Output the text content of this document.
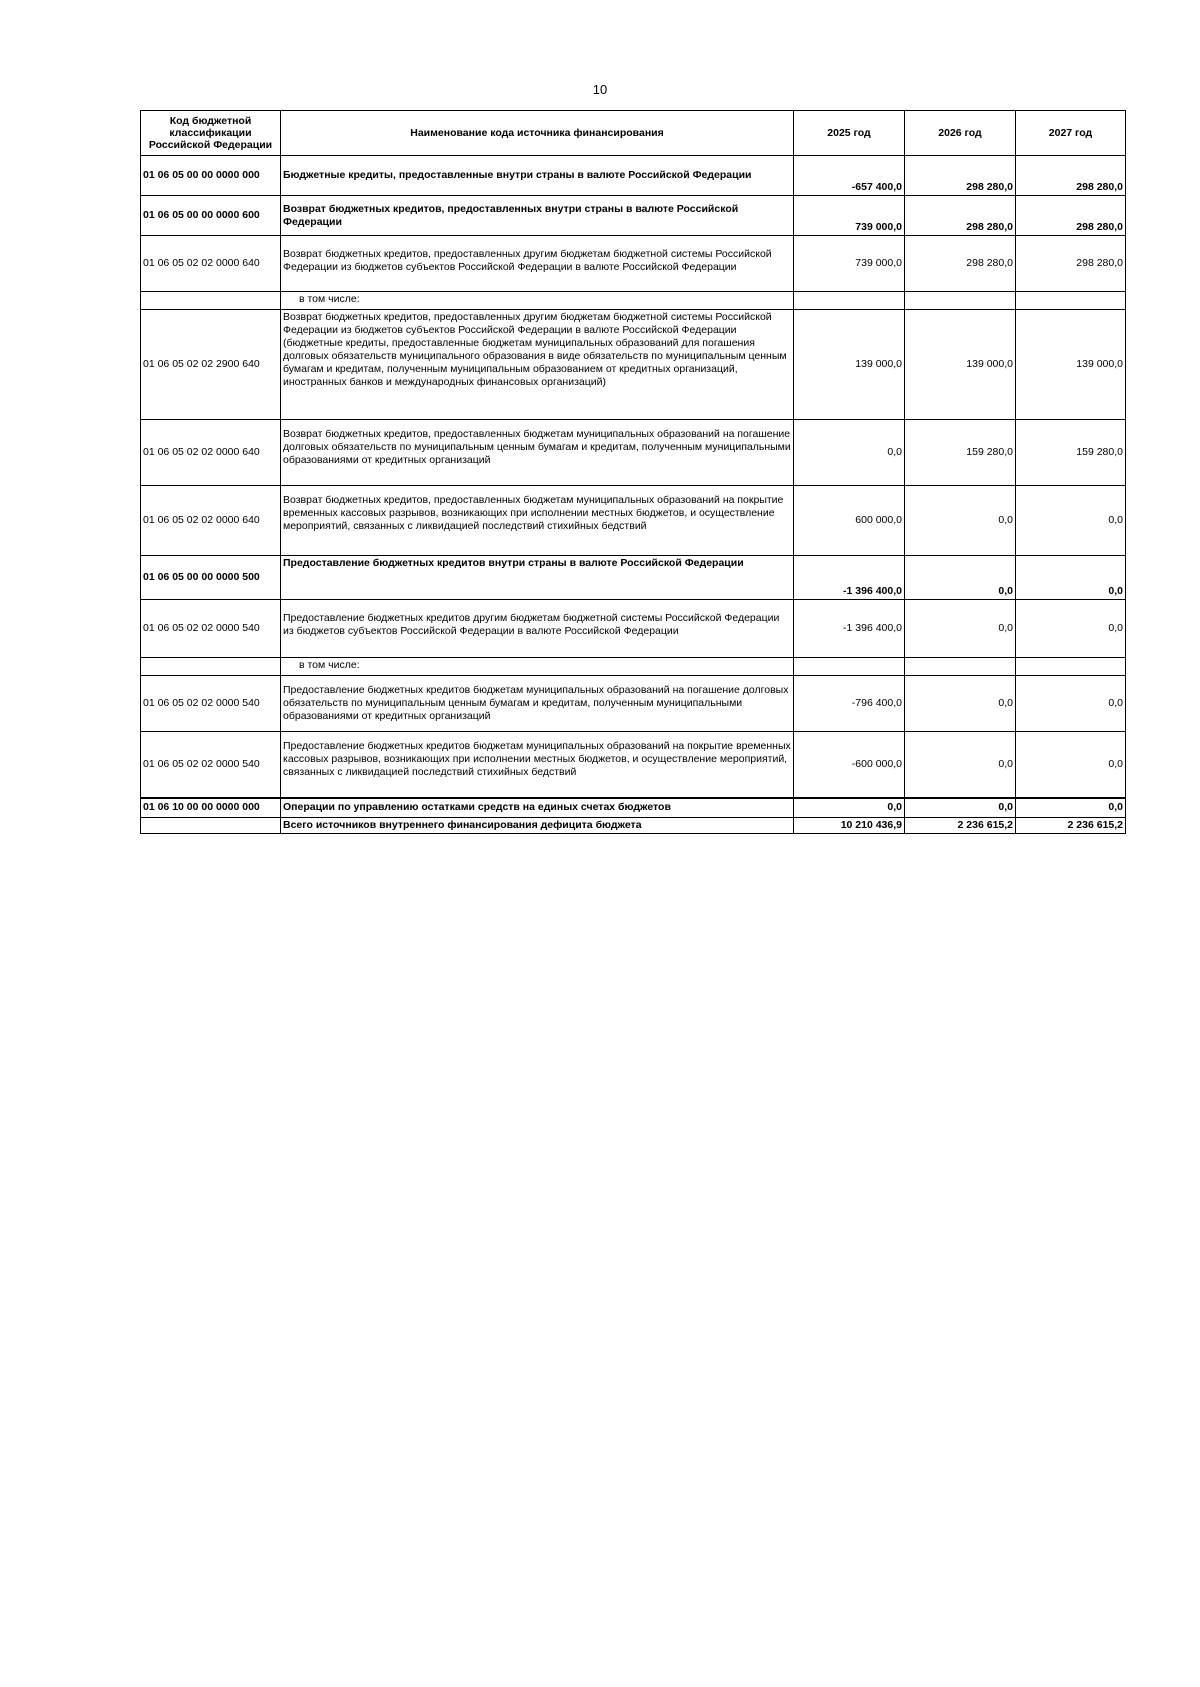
10
Код бюджетной классификации Российской Федерации	Наименование кода источника финансирования	2025 год	2026 год	2027 год
01 06 05 00 00 0000 000	Бюджетные кредиты, предоставленные внутри страны в валюте Российской Федерации	-657 400,0	298 280,0	298 280,0
01 06 05 00 00 0000 600	Возврат бюджетных кредитов, предоставленных внутри страны в валюте Российской Федерации	739 000,0	298 280,0	298 280,0
01 06 05 02 02 0000 640	Возврат бюджетных кредитов, предоставленных другим бюджетам бюджетной системы Российской Федерации из бюджетов субъектов Российской Федерации в валюте Российской Федерации	739 000,0	298 280,0	298 280,0
	в том числе:			
01 06 05 02 02 2900 640	Возврат бюджетных кредитов, предоставленных другим бюджетам бюджетной системы Российской Федерации из бюджетов субъектов Российской Федерации в валюте Российской Федерации (бюджетные кредиты, предоставленные бюджетам муниципальных образований для погашения долговых обязательств муниципального образования в виде обязательств по муниципальным ценным бумагам и кредитам, полученным муниципальным образованием от кредитных организаций, иностранных банков и международных финансовых организаций)	139 000,0	139 000,0	139 000,0
01 06 05 02 02 0000 640	Возврат бюджетных кредитов, предоставленных бюджетам муниципальных образований на погашение долговых обязательств по муниципальным ценным бумагам и кредитам, полученным муниципальными образованиями от кредитных организаций	0,0	159 280,0	159 280,0
01 06 05 02 02 0000 640	Возврат бюджетных кредитов, предоставленных бюджетам муниципальных образований на покрытие временных кассовых разрывов, возникающих при исполнении местных бюджетов, и осуществление мероприятий, связанных с ликвидацией последствий стихийных бедствий	600 000,0	0,0	0,0
01 06 05 00 00 0000 500	Предоставление бюджетных кредитов внутри страны в валюте Российской Федерации	-1 396 400,0	0,0	0,0
01 06 05 02 02 0000 540	Предоставление бюджетных кредитов другим бюджетам бюджетной системы Российской Федерации из бюджетов субъектов Российской Федерации в валюте Российской Федерации	-1 396 400,0	0,0	0,0
	в том числе:			
01 06 05 02 02 0000 540	Предоставление бюджетных кредитов бюджетам муниципальных образований на погашение долговых обязательств по муниципальным ценным бумагам и кредитам, полученным муниципальными образованиями от кредитных организаций	-796 400,0	0,0	0,0
01 06 05 02 02 0000 540	Предоставление бюджетных кредитов бюджетам муниципальных образований на покрытие временных кассовых разрывов, возникающих при исполнении местных бюджетов, и осуществление мероприятий, связанных с ликвидацией последствий стихийных бедствий	-600 000,0	0,0	0,0
01 06 10 00 00 0000 000	Операции по управлению остатками средств на единых счетах бюджетов	0,0	0,0	0,0
	Всего источников внутреннего финансирования дефицита бюджета	10 210 436,9	2 236 615,2	2 236 615,2
